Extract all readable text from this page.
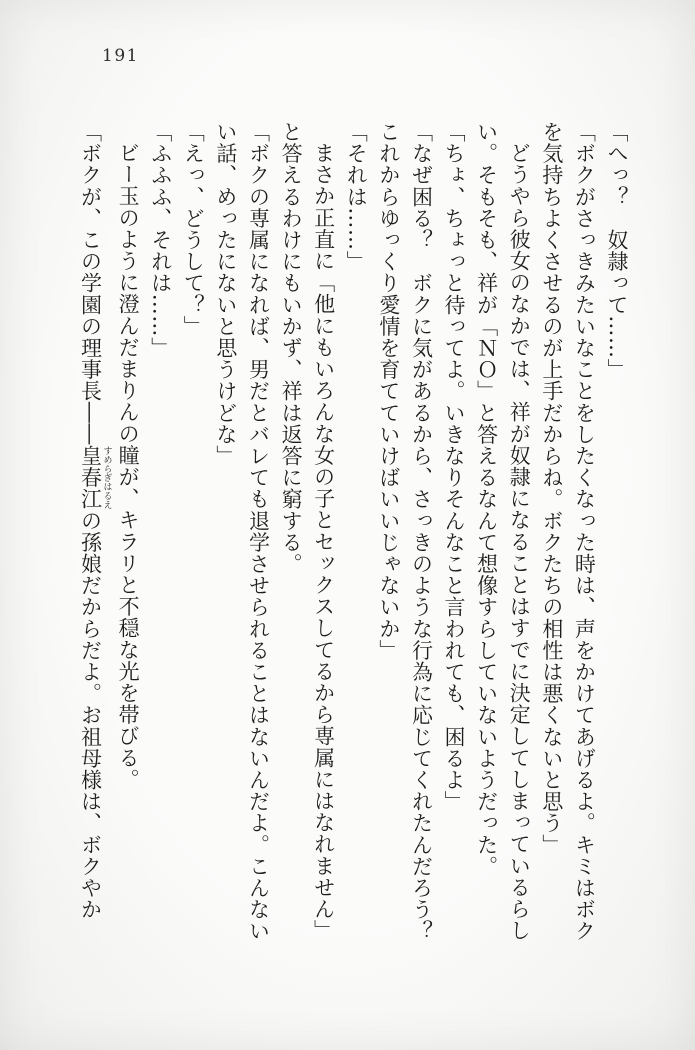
191

「へっ？　奴隷って……」

「ボクがさっきみたいなことをしたくなった時は、声をかけてあげるよ。キミはボク

を気持ちよくさせるのが上手だからね。ボクたちの相性は悪くないと思う」

どうやら彼女のなかでは、祥が奴隷になることはすでに決定してしまっているらし

い。そもそも、祥が「ＮＯ」と答えるなんて想像すらしていないようだった。

「ちょ、ちょっと待ってよ。いきなりそんなこと言われても、困るよ」

「なぜ困る？　ボクに気があるから、さっきのような行為に応じてくれたんだろう？

これからゆっくり愛情を育てていけばいいじゃないか」

「それは……」

まさか正直に「他にもいろんな女の子とセックスしてるから専属にはなれません」

と答えるわけにもいかず、祥は返答に窮する。

「ボクの専属になれば、男だとバレても退学させられることはないんだよ。こんない

い話、めったにないと思うけどな」

「えっ、どうして？」

「ふふふ、それは……」

ビー玉のように澄んだまりんの瞳が、キラリと不穏な光を帯びる。

「ボクが、この学園の理事長――皇春江 すめらぎはるえの孫娘だからだよ。お祖母様は、ボクやか
